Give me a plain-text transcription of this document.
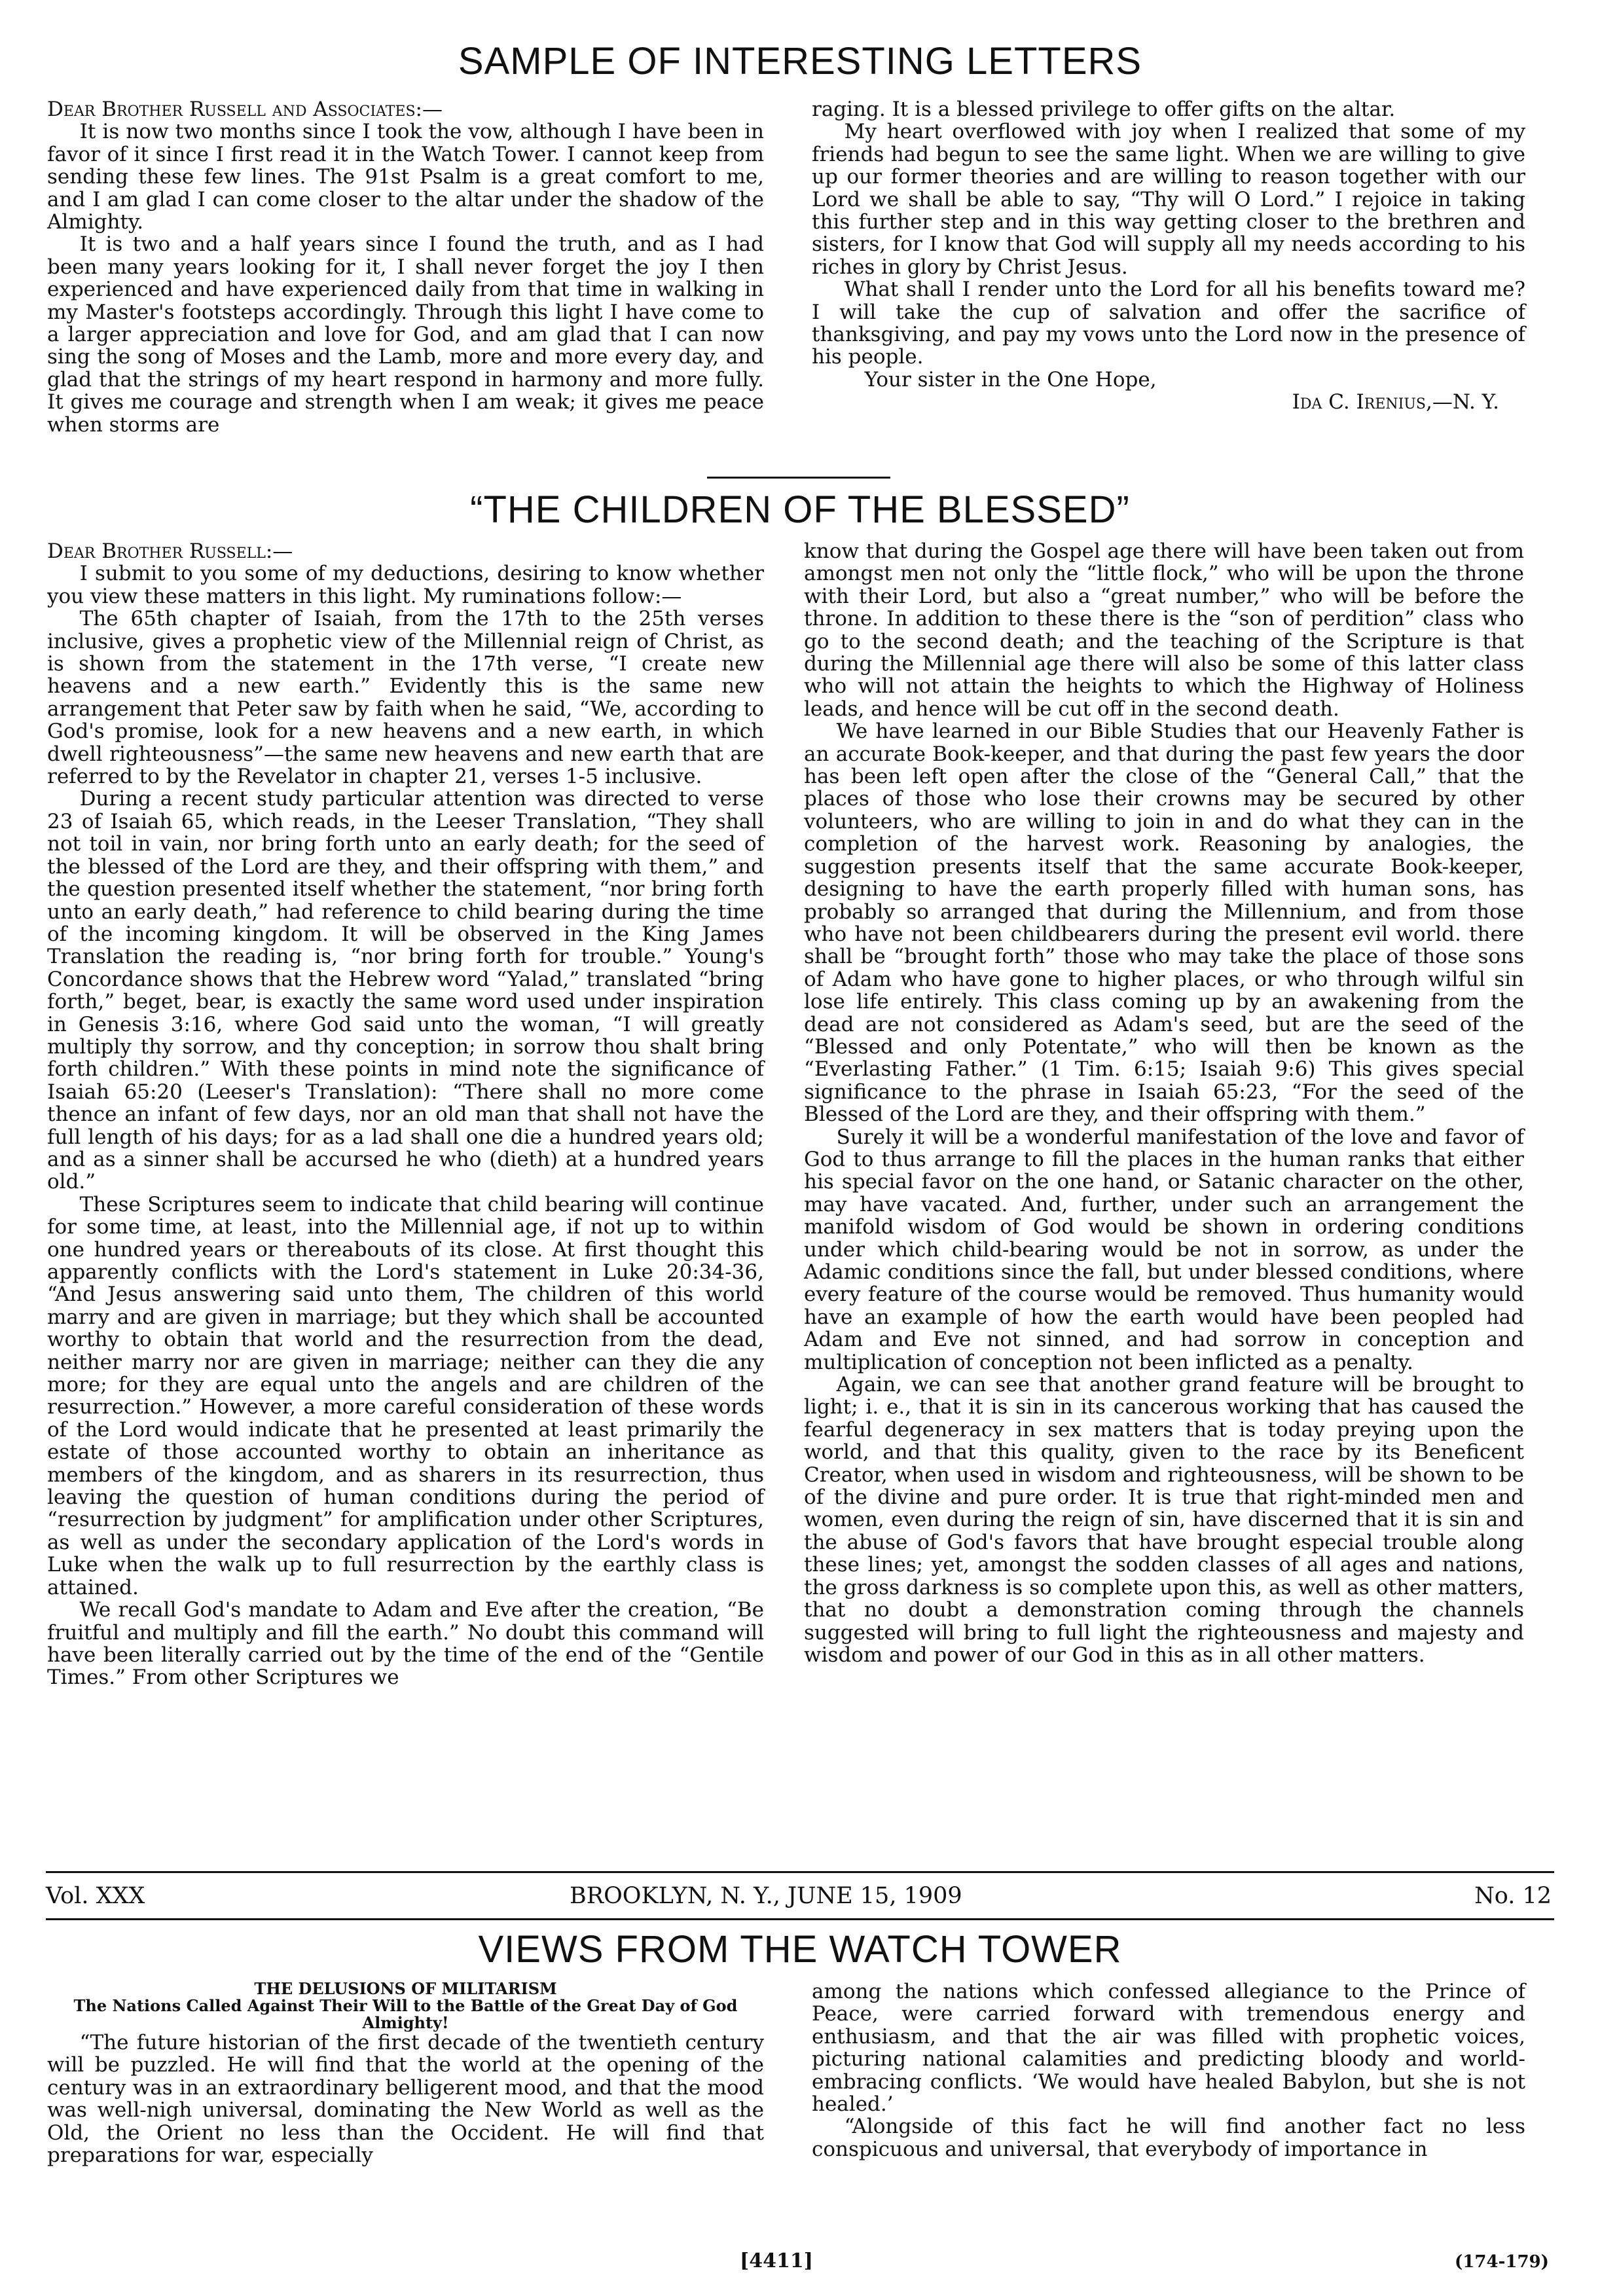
SAMPLE OF INTERESTING LETTERS

Dear Brother Russell and Associates:—

It is now two months since I took the vow, although I have been in favor of it since I first read it in the Watch Tower. I cannot keep from sending these few lines. The 91st Psalm is a great comfort to me, and I am glad I can come closer to the altar under the shadow of the Almighty.

It is two and a half years since I found the truth, and as I had been many years looking for it, I shall never forget the joy I then experienced and have experienced daily from that time in walking in my Master's footsteps accordingly. Through this light I have come to a larger appreciation and love for God, and am glad that I can now sing the song of Moses and the Lamb, more and more every day, and glad that the strings of my heart respond in harmony and more fully. It gives me courage and strength when I am weak; it gives me peace when storms are

raging. It is a blessed privilege to offer gifts on the altar.

My heart overflowed with joy when I realized that some of my friends had begun to see the same light. When we are willing to give up our former theories and are willing to reason together with our Lord we shall be able to say, “Thy will O Lord.” I rejoice in taking this further step and in this way getting closer to the brethren and sisters, for I know that God will supply all my needs according to his riches in glory by Christ Jesus.

What shall I render unto the Lord for all his benefits toward me? I will take the cup of salvation and offer the sacrifice of thanksgiving, and pay my vows unto the Lord now in the presence of his people.

Your sister in the One Hope,

Ida C. Irenius,—N. Y.

“THE CHILDREN OF THE BLESSED”

Dear Brother Russell:—

I submit to you some of my deductions, desiring to know whether you view these matters in this light. My ruminations follow:—

The 65th chapter of Isaiah, from the 17th to the 25th verses inclusive, gives a prophetic view of the Millennial reign of Christ, as is shown from the statement in the 17th verse, “I create new heavens and a new earth.” Evidently this is the same new arrangement that Peter saw by faith when he said, “We, according to God's promise, look for a new heavens and a new earth, in which dwell righteousness”—the same new heavens and new earth that are referred to by the Revelator in chapter 21, verses 1-5 inclusive.

During a recent study particular attention was directed to verse 23 of Isaiah 65, which reads, in the Leeser Translation, “They shall not toil in vain, nor bring forth unto an early death; for the seed of the blessed of the Lord are they, and their offspring with them,” and the question presented itself whether the statement, “nor bring forth unto an early death,” had reference to child bearing during the time of the incoming kingdom. It will be observed in the King James Translation the reading is, “nor bring forth for trouble.” Young's Concordance shows that the Hebrew word “Yalad,” translated “bring forth,” beget, bear, is exactly the same word used under inspiration in Genesis 3:16, where God said unto the woman, “I will greatly multiply thy sorrow, and thy conception; in sorrow thou shalt bring forth children.” With these points in mind note the significance of Isaiah 65:20 (Leeser's Translation): “There shall no more come thence an infant of few days, nor an old man that shall not have the full length of his days; for as a lad shall one die a hundred years old; and as a sinner shall be accursed he who (dieth) at a hundred years old.”

These Scriptures seem to indicate that child bearing will continue for some time, at least, into the Millennial age, if not up to within one hundred years or thereabouts of its close. At first thought this apparently conflicts with the Lord's statement in Luke 20:34-36, “And Jesus answering said unto them, The children of this world marry and are given in marriage; but they which shall be accounted worthy to obtain that world and the resurrection from the dead, neither marry nor are given in marriage; neither can they die any more; for they are equal unto the angels and are children of the resurrection.” However, a more careful consideration of these words of the Lord would indicate that he presented at least primarily the estate of those accounted worthy to obtain an inheritance as members of the kingdom, and as sharers in its resurrection, thus leaving the question of human conditions during the period of “resurrection by judgment” for amplification under other Scriptures, as well as under the secondary application of the Lord's words in Luke when the walk up to full resurrection by the earthly class is attained.

We recall God's mandate to Adam and Eve after the creation, “Be fruitful and multiply and fill the earth.” No doubt this command will have been literally carried out by the time of the end of the “Gentile Times.” From other Scriptures we

know that during the Gospel age there will have been taken out from amongst men not only the “little flock,” who will be upon the throne with their Lord, but also a “great number,” who will be before the throne. In addition to these there is the “son of perdition” class who go to the second death; and the teaching of the Scripture is that during the Millennial age there will also be some of this latter class who will not attain the heights to which the Highway of Holiness leads, and hence will be cut off in the second death.

We have learned in our Bible Studies that our Heavenly Father is an accurate Book-keeper, and that during the past few years the door has been left open after the close of the “General Call,” that the places of those who lose their crowns may be secured by other volunteers, who are willing to join in and do what they can in the completion of the harvest work. Reasoning by analogies, the suggestion presents itself that the same accurate Book-keeper, designing to have the earth properly filled with human sons, has probably so arranged that during the Millennium, and from those who have not been childbearers during the present evil world. there shall be “brought forth” those who may take the place of those sons of Adam who have gone to higher places, or who through wilful sin lose life entirely. This class coming up by an awakening from the dead are not considered as Adam's seed, but are the seed of the “Blessed and only Potentate,” who will then be known as the “Everlasting Father.” (1 Tim. 6:15; Isaiah 9:6) This gives special significance to the phrase in Isaiah 65:23, “For the seed of the Blessed of the Lord are they, and their offspring with them.”

Surely it will be a wonderful manifestation of the love and favor of God to thus arrange to fill the places in the human ranks that either his special favor on the one hand, or Satanic character on the other, may have vacated. And, further, under such an arrangement the manifold wisdom of God would be shown in ordering conditions under which child-bearing would be not in sorrow, as under the Adamic conditions since the fall, but under blessed conditions, where every feature of the course would be removed. Thus humanity would have an example of how the earth would have been peopled had Adam and Eve not sinned, and had sorrow in conception and multiplication of conception not been inflicted as a penalty.

Again, we can see that another grand feature will be brought to light; i. e., that it is sin in its cancerous working that has caused the fearful degeneracy in sex matters that is today preying upon the world, and that this quality, given to the race by its Beneficent Creator, when used in wisdom and righteousness, will be shown to be of the divine and pure order. It is true that right-minded men and women, even during the reign of sin, have discerned that it is sin and the abuse of God's favors that have brought especial trouble along these lines; yet, amongst the sodden classes of all ages and nations, the gross darkness is so complete upon this, as well as other matters, that no doubt a demonstration coming through the channels suggested will bring to full light the righteousness and majesty and wisdom and power of our God in this as in all other matters.

Vol. XXX	BROOKLYN, N. Y., JUNE 15, 1909	No. 12
VIEWS FROM THE WATCH TOWER

THE DELUSIONS OF MILITARISM

The Nations Called Against Their Will to the Battle of the Great Day of God Almighty!

“The future historian of the first decade of the twentieth century will be puzzled. He will find that the world at the opening of the century was in an extraordinary belligerent mood, and that the mood was well-nigh universal, dominating the New World as well as the Old, the Orient no less than the Occident. He will find that preparations for war, especially

among the nations which confessed allegiance to the Prince of Peace, were carried forward with tremendous energy and enthusiasm, and that the air was filled with prophetic voices, picturing national calamities and predicting bloody and world-embracing conflicts. ‘We would have healed Babylon, but she is not healed.’

“Alongside of this fact he will find another fact no less conspicuous and universal, that everybody of importance in

[4411]	(174-179)
